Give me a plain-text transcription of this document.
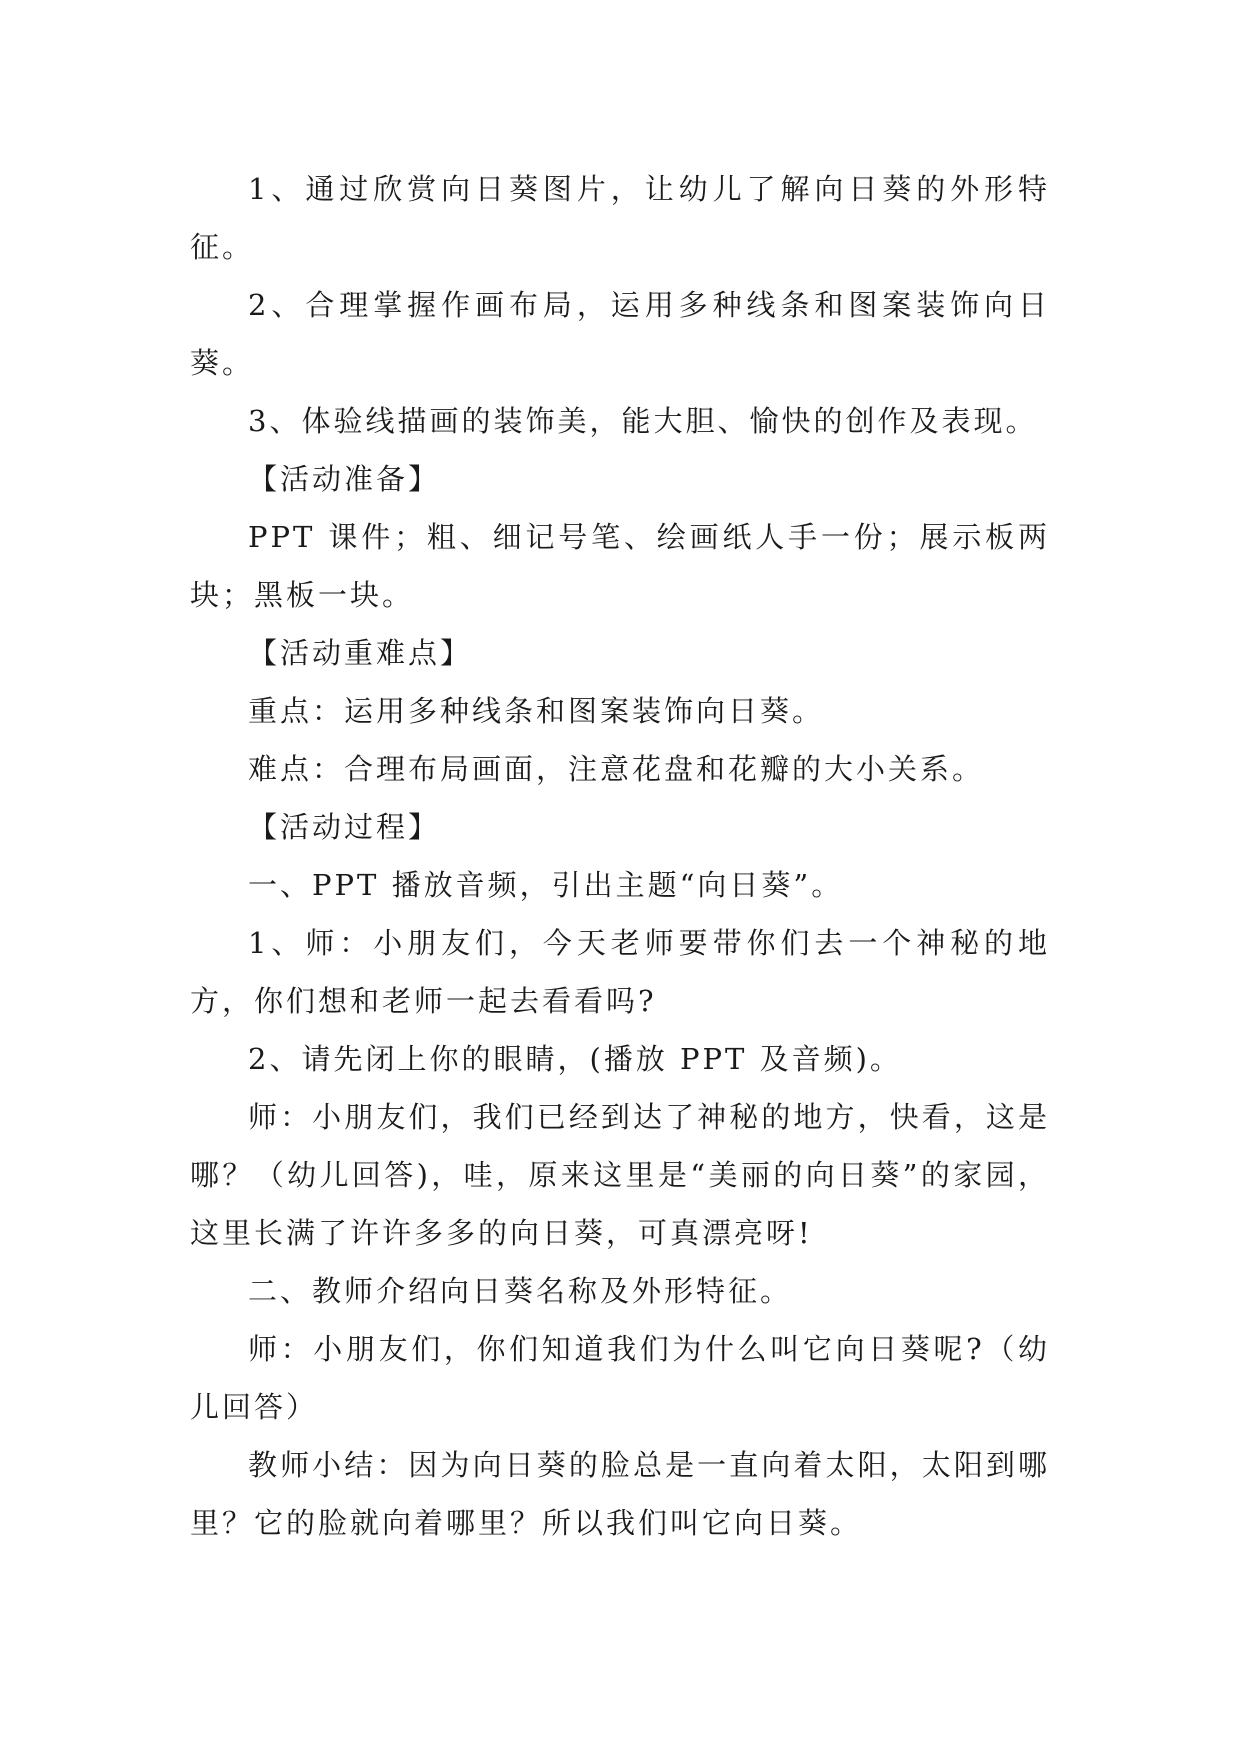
1、通过欣赏向日葵图片，让幼儿了解向日葵的外形特征。

2、合理掌握作画布局，运用多种线条和图案装饰向日葵。

3、体验线描画的装饰美，能大胆、愉快的创作及表现。

【活动准备】

PPT 课件；粗、细记号笔、绘画纸人手一份；展示板两块；黑板一块。

【活动重难点】

重点：运用多种线条和图案装饰向日葵。

难点：合理布局画面，注意花盘和花瓣的大小关系。

【活动过程】

一、PPT 播放音频，引出主题“向日葵”。

1、师：小朋友们，今天老师要带你们去一个神秘的地方，你们想和老师一起去看看吗?

2、请先闭上你的眼睛，(播放 PPT 及音频)。

师：小朋友们，我们已经到达了神秘的地方，快看，这是哪？（幼儿回答)，哇，原来这里是“美丽的向日葵”的家园，这里长满了许许多多的向日葵，可真漂亮呀!

二、教师介绍向日葵名称及外形特征。

师：小朋友们，你们知道我们为什么叫它向日葵呢?（幼儿回答）

教师小结：因为向日葵的脸总是一直向着太阳，太阳到哪里？它的脸就向着哪里？所以我们叫它向日葵。
